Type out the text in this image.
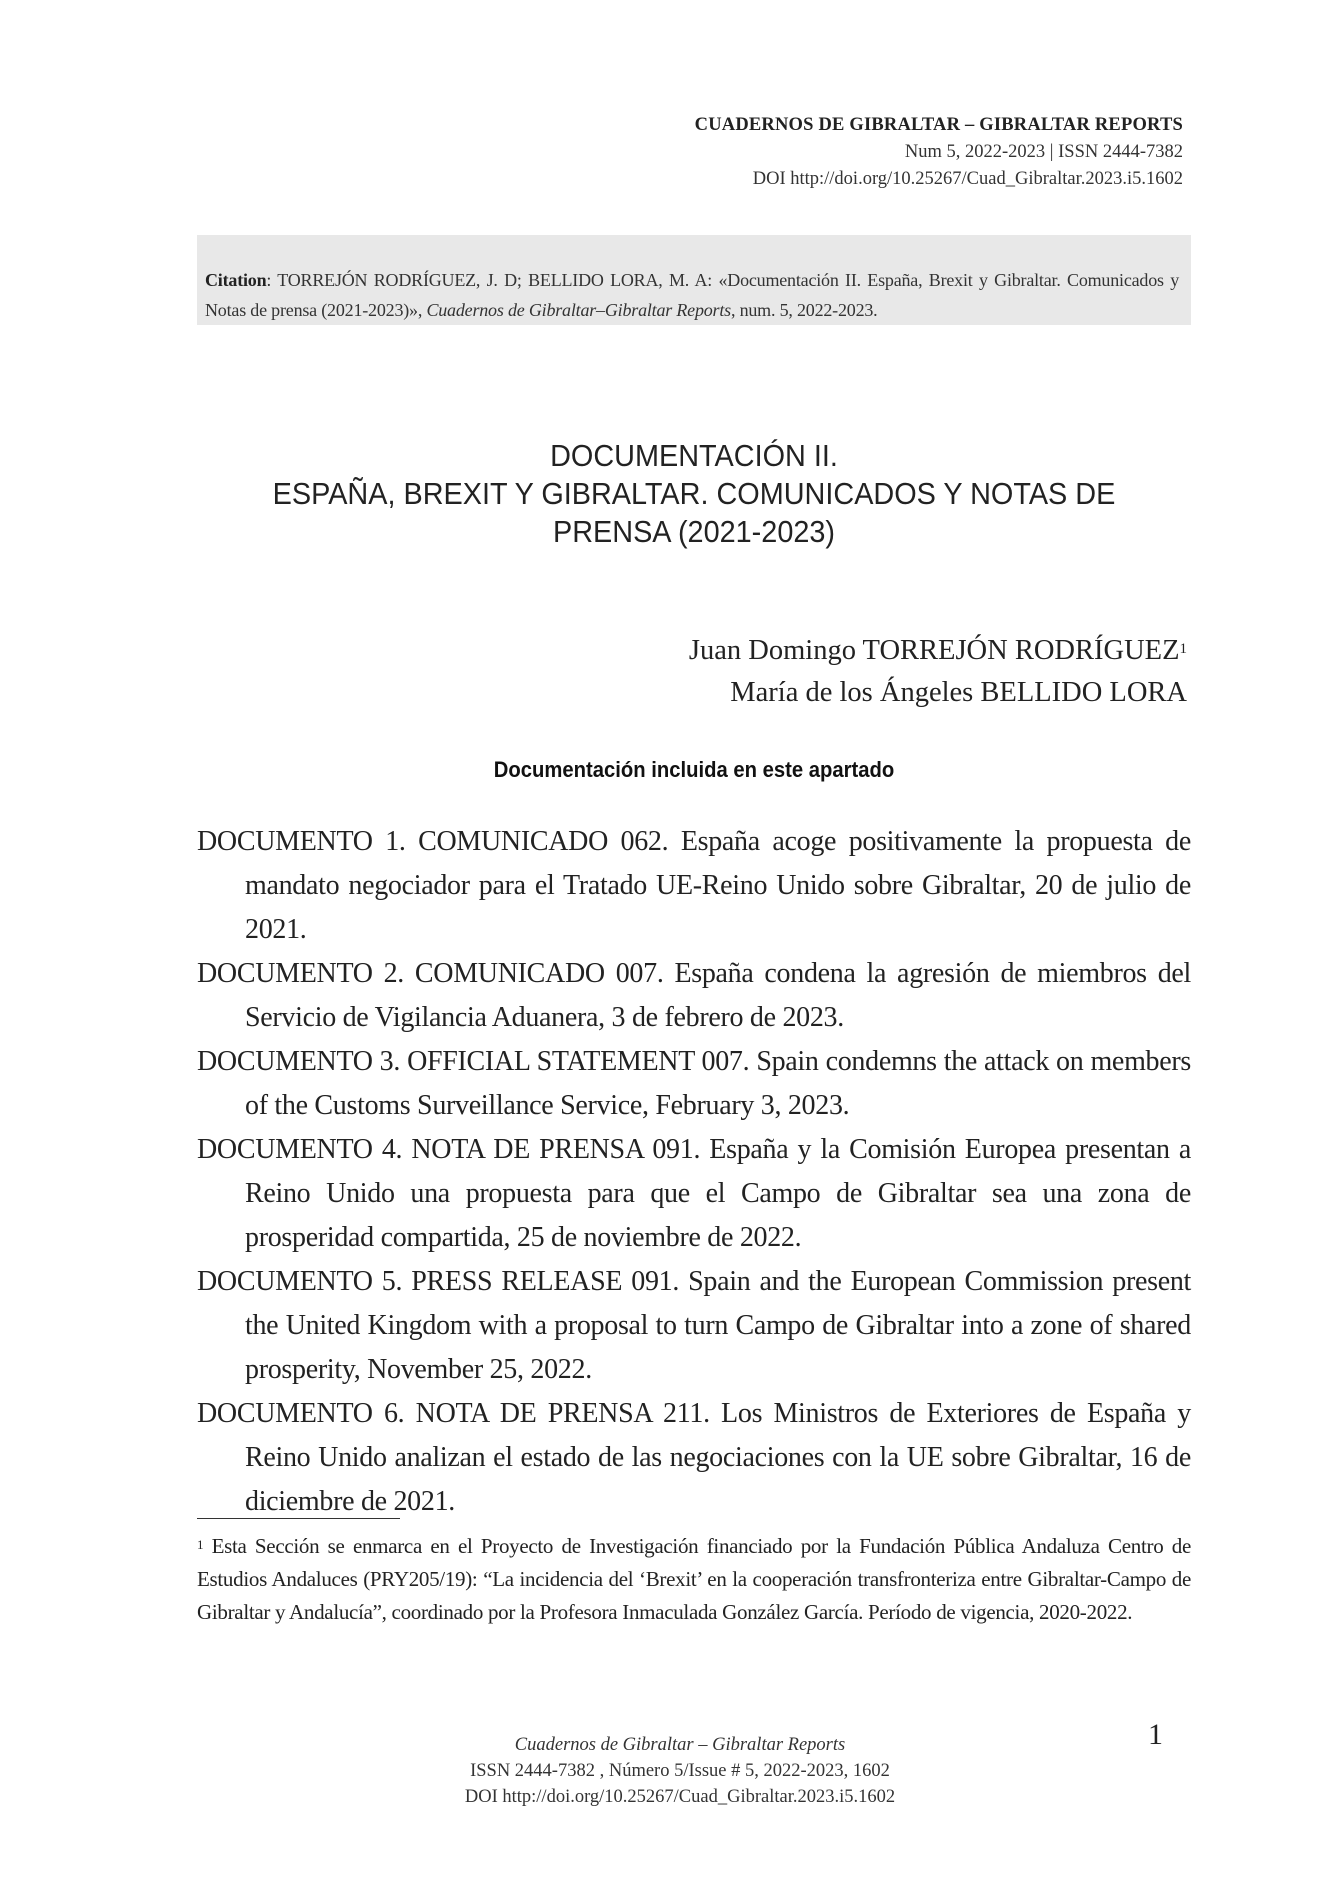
CUADERNOS DE GIBRALTAR – GIBRALTAR REPORTS
Num 5, 2022-2023 | ISSN 2444-7382
DOI http://doi.org/10.25267/Cuad_Gibraltar.2023.i5.1602
Citation: TORREJÓN RODRÍGUEZ, J. D; BELLIDO LORA, M. A: «Documentación II. España, Brexit y Gibraltar. Comunicados y Notas de prensa (2021-2023)», Cuadernos de Gibraltar–Gibraltar Reports, num. 5, 2022-2023.
DOCUMENTACIÓN II.
ESPAÑA, BREXIT Y GIBRALTAR. COMUNICADOS Y NOTAS DE
PRENSA (2021-2023)
Juan Domingo TORREJÓN RODRÍGUEZ$^1$
María de los Ángeles BELLIDO LORA
Documentación incluida en este apartado
DOCUMENTO 1. COMUNICADO 062. España acoge positivamente la propuesta de mandato negociador para el Tratado UE-Reino Unido sobre Gibraltar, 20 de julio de 2021.
DOCUMENTO 2. COMUNICADO 007. España condena la agresión de miembros del Servicio de Vigilancia Aduanera, 3 de febrero de 2023.
DOCUMENTO 3. OFFICIAL STATEMENT 007. Spain condemns the attack on members of the Customs Surveillance Service, February 3, 2023.
DOCUMENTO 4. NOTA DE PRENSA 091. España y la Comisión Europea presentan a Reino Unido una propuesta para que el Campo de Gibraltar sea una zona de prosperidad compartida, 25 de noviembre de 2022.
DOCUMENTO 5. PRESS RELEASE 091. Spain and the European Commission present the United Kingdom with a proposal to turn Campo de Gibraltar into a zone of shared prosperity, November 25, 2022.
DOCUMENTO 6. NOTA DE PRENSA 211. Los Ministros de Exteriores de España y Reino Unido analizan el estado de las negociaciones con la UE sobre Gibraltar, 16 de diciembre de 2021.
$^1$ Esta Sección se enmarca en el Proyecto de Investigación financiado por la Fundación Pública Andaluza Centro de Estudios Andaluces (PRY205/19): “La incidencia del ‘Brexit’ en la cooperación transfronteriza entre Gibraltar-Campo de Gibraltar y Andalucía”, coordinado por la Profesora Inmaculada González García. Período de vigencia, 2020-2022.
Cuadernos de Gibraltar – Gibraltar Reports
ISSN 2444-7382 , Número 5/Issue # 5, 2022-2023, 1602
DOI http://doi.org/10.25267/Cuad_Gibraltar.2023.i5.1602
1
